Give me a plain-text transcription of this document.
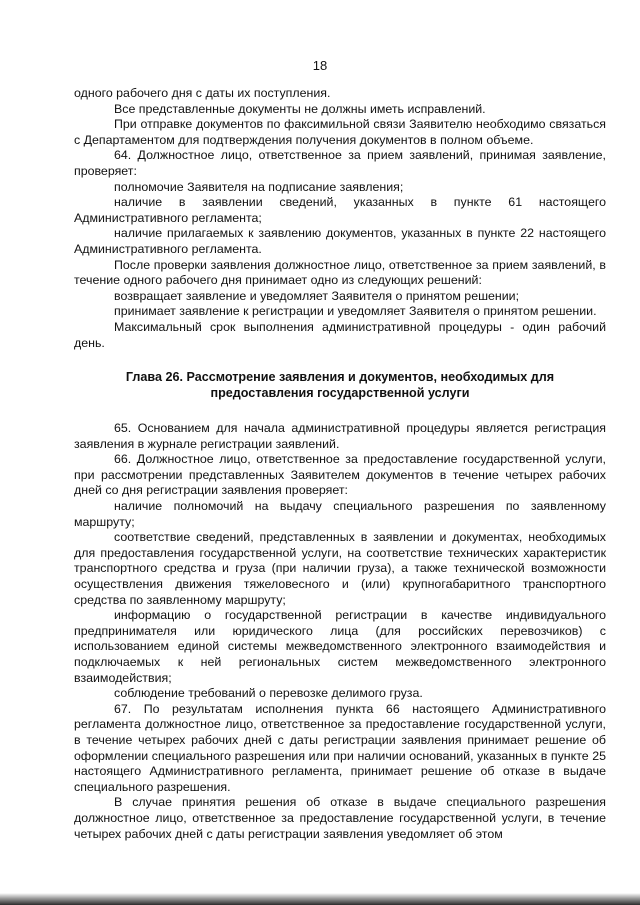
18

одного рабочего дня с даты их поступления.

Все представленные документы не должны иметь исправлений.

При отправке документов по факсимильной связи Заявителю необходимо связаться с Департаментом для подтверждения получения документов в полном объеме.

64. Должностное лицо, ответственное за прием заявлений, принимая заявление, проверяет:

полномочие Заявителя на подписание заявления;

наличие в заявлении сведений, указанных в пункте 61 настоящего Административного регламента;

наличие прилагаемых к заявлению документов, указанных в пункте 22 настоящего Административного регламента.

После проверки заявления должностное лицо, ответственное за прием заявлений, в течение одного рабочего дня принимает одно из следующих решений:

возвращает заявление и уведомляет Заявителя о принятом решении;

принимает заявление к регистрации и уведомляет Заявителя о принятом решении.

Максимальный срок выполнения административной процедуры - один рабочий день.

Глава 26. Рассмотрение заявления и документов, необходимых для предоставления государственной услуги

65. Основанием для начала административной процедуры является регистрация заявления в журнале регистрации заявлений.

66. Должностное лицо, ответственное за предоставление государственной услуги, при рассмотрении представленных Заявителем документов в течение четырех рабочих дней со дня регистрации заявления проверяет:

наличие полномочий на выдачу специального разрешения по заявленному маршруту;

соответствие сведений, представленных в заявлении и документах, необходимых для предоставления государственной услуги, на соответствие технических характеристик транспортного средства и груза (при наличии груза), а также технической возможности осуществления движения тяжеловесного и (или) крупногабаритного транспортного средства по заявленному маршруту;

информацию о государственной регистрации в качестве индивидуального предпринимателя или юридического лица (для российских перевозчиков) с использованием единой системы межведомственного электронного взаимодействия и подключаемых к ней региональных систем межведомственного электронного взаимодействия;

соблюдение требований о перевозке делимого груза.

67. По результатам исполнения пункта 66 настоящего Административного регламента должностное лицо, ответственное за предоставление государственной услуги, в течение четырех рабочих дней с даты регистрации заявления принимает решение об оформлении специального разрешения или при наличии оснований, указанных в пункте 25 настоящего Административного регламента, принимает решение об отказе в выдаче специального разрешения.

В случае принятия решения об отказе в выдаче специального разрешения должностное лицо, ответственное за предоставление государственной услуги, в течение четырех рабочих дней с даты регистрации заявления уведомляет об этом
